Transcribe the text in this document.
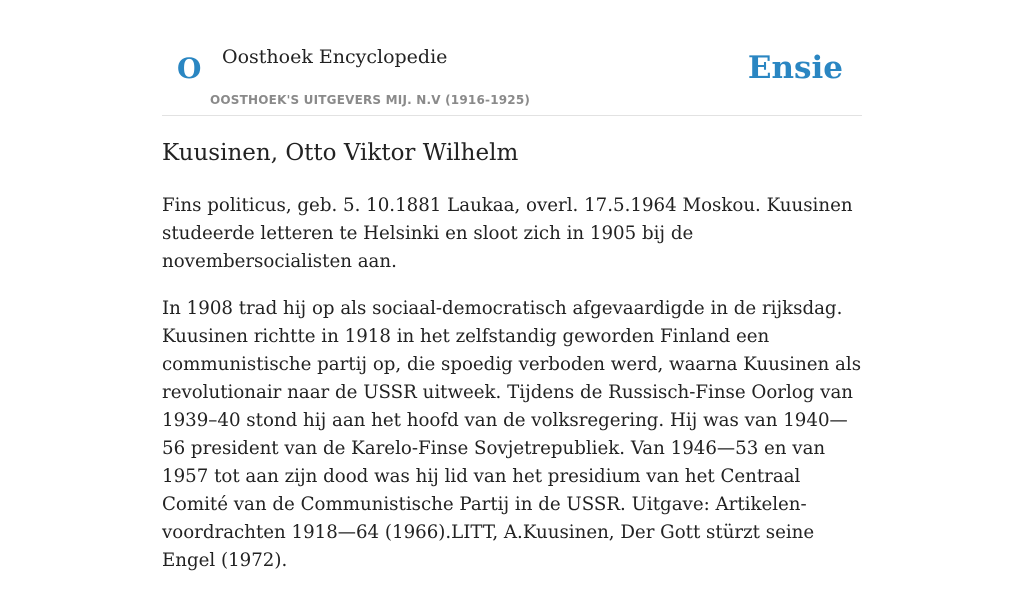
O Oosthoek Encyclopedie
OOSTHOEK'S UITGEVERS MIJ. N.V (1916-1925)
Ensie
Kuusinen, Otto Viktor Wilhelm

Fins politicus, geb. 5. 10.1881 Laukaa, overl. 17.5.1964 Moskou. Kuusinen studeerde letteren te Helsinki en sloot zich in 1905 bij de novembersocialisten aan.

In 1908 trad hij op als sociaal-democratisch afgevaardigde in de rijksdag. Kuusinen richtte in 1918 in het zelfstandig geworden Finland een communistische partij op, die spoedig verboden werd, waarna Kuusinen als revolutionair naar de USSR uitweek. Tijdens de Russisch-Finse Oorlog van 1939–40 stond hij aan het hoofd van de volksregering. Hij was van 1940—56 president van de Karelo-Finse Sovjetrepubliek. Van 1946—53 en van 1957 tot aan zijn dood was hij lid van het presidium van het Centraal Comité van de Communistische Partij in de USSR. Uitgave: Artikelen-voordrachten 1918—64 (1966).LITT, A.Kuusinen, Der Gott stürzt seine Engel (1972).
